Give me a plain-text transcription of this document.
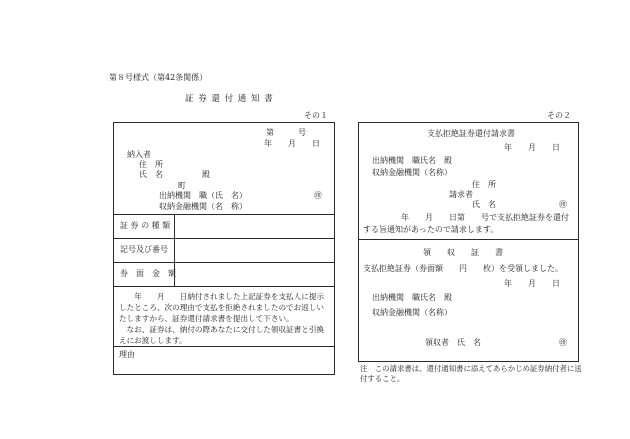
第８号様式（第42条関係）
証 券 還 付 通 知 書
その１
第　　　号
年　　月　　日
納入者
住　所
氏　名	殿
町
出納機関　職（氏　名）	㊞
収納金融機関（名　称）
証 券 の 種 類
記号及び番号
券　面　金　額
　　年　　月　　日納付されました上記証券を支払人に提示したところ、次の理由で支払を拒絶されましたのでお返しいたしますから、証券還付請求書を提出して下さい。
　なお、証券は、納付の際あなたに交付した領収証書と引換えにお渡しします。
理由
その２
支払拒絶証券還付請求書
年　　月　　日
出納機関　職氏名　殿
収納金融機関（名称）
住　所
請求者
氏　名	㊞
年　　月　　日第　　号で支払拒絶証券を還付
する旨通知があったので請求します。
領　　収　　証　　書
支払拒絶証券（券面額　　円　　枚）を受領しました。
年　　月　　日
出納機関　職氏名　殿
収納金融機関（名称）
領収者　氏　名	㊞
注　この請求書は、還付通知書に添えてあらかじめ証券納付者に送付すること。
